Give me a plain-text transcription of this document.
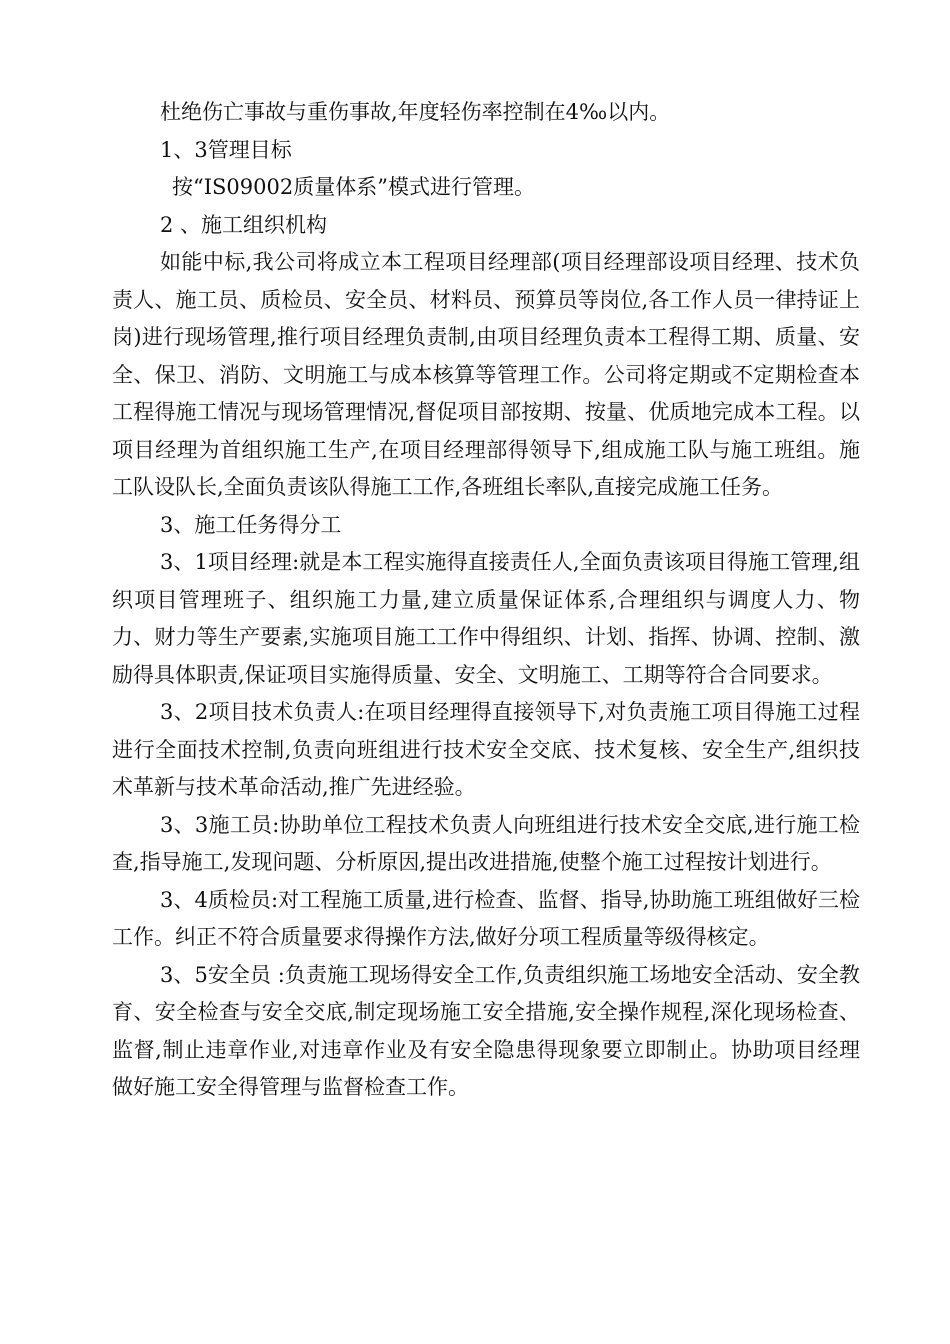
杜绝伤亡事故与重伤事故,年度轻伤率控制在4‰以内。

1、3管理目标

按“IS09002质量体系”模式进行管理。

2 、施工组织机构

如能中标,我公司将成立本工程项目经理部(项目经理部设项目经理、技术负责人、施工员、质检员、安全员、材料员、预算员等岗位,各工作人员一律持证上岗)进行现场管理,推行项目经理负责制,由项目经理负责本工程得工期、质量、安全、保卫、消防、文明施工与成本核算等管理工作。公司将定期或不定期检查本工程得施工情况与现场管理情况,督促项目部按期、按量、优质地完成本工程。以项目经理为首组织施工生产,在项目经理部得领导下,组成施工队与施工班组。施工队设队长,全面负责该队得施工工作,各班组长率队,直接完成施工任务。

3、施工任务得分工

3、1项目经理:就是本工程实施得直接责任人,全面负责该项目得施工管理,组织项目管理班子、组织施工力量,建立质量保证体系,合理组织与调度人力、物力、财力等生产要素,实施项目施工工作中得组织、计划、指挥、协调、控制、激励得具体职责,保证项目实施得质量、安全、文明施工、工期等符合合同要求。

3、2项目技术负责人:在项目经理得直接领导下,对负责施工项目得施工过程进行全面技术控制,负责向班组进行技术安全交底、技术复核、安全生产,组织技术革新与技术革命活动,推广先进经验。

3、3施工员:协助单位工程技术负责人向班组进行技术安全交底,进行施工检查,指导施工,发现问题、分析原因,提出改进措施,使整个施工过程按计划进行。

3、4质检员:对工程施工质量,进行检查、监督、指导,协助施工班组做好三检工作。纠正不符合质量要求得操作方法,做好分项工程质量等级得核定。

3、5安全员 :负责施工现场得安全工作,负责组织施工场地安全活动、安全教育、安全检查与安全交底,制定现场施工安全措施,安全操作规程,深化现场检查、监督,制止违章作业,对违章作业及有安全隐患得现象要立即制止。协助项目经理做好施工安全得管理与监督检查工作。
